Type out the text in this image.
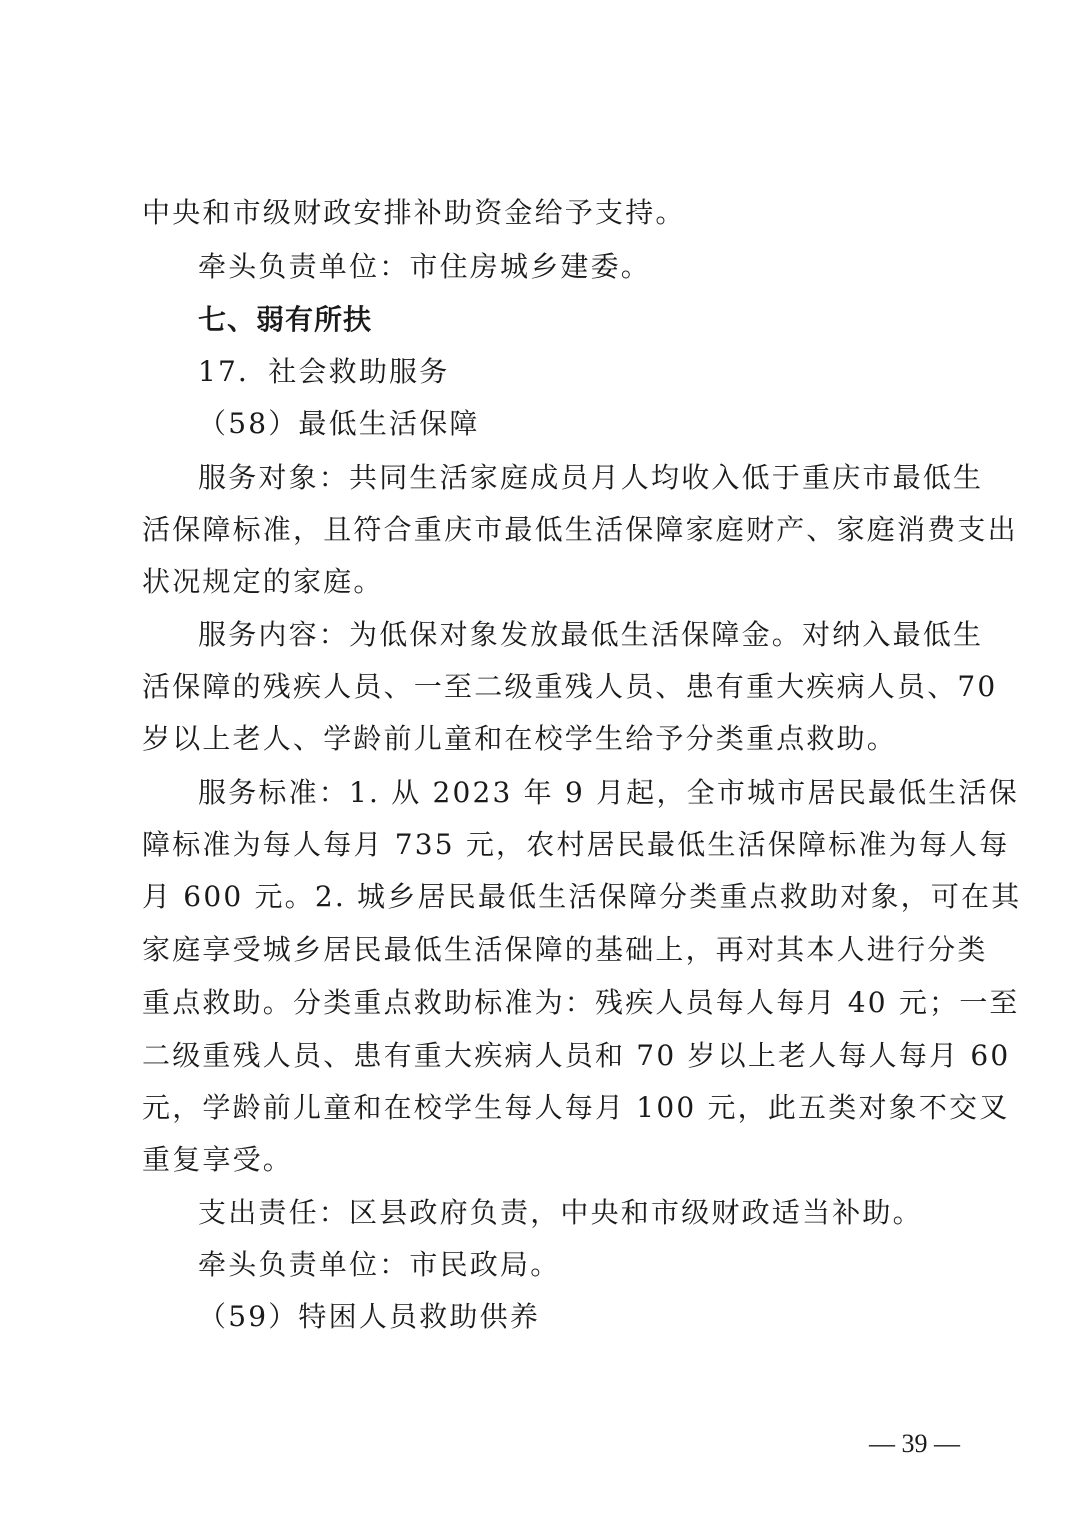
中央和市级财政安排补助资金给予支持。
牵头负责单位：市住房城乡建委。
七、弱有所扶
17．社会救助服务
（58）最低生活保障
服务对象：共同生活家庭成员月人均收入低于重庆市最低生
活保障标准，且符合重庆市最低生活保障家庭财产、家庭消费支出
状况规定的家庭。
服务内容：为低保对象发放最低生活保障金。对纳入最低生
活保障的残疾人员、一至二级重残人员、患有重大疾病人员、70
岁以上老人、学龄前儿童和在校学生给予分类重点救助。
服务标准：1. 从 2023 年 9 月起，全市城市居民最低生活保
障标准为每人每月 735 元，农村居民最低生活保障标准为每人每
月 600 元。2. 城乡居民最低生活保障分类重点救助对象，可在其
家庭享受城乡居民最低生活保障的基础上，再对其本人进行分类
重点救助。分类重点救助标准为：残疾人员每人每月 40 元；一至
二级重残人员、患有重大疾病人员和 70 岁以上老人每人每月 60
元，学龄前儿童和在校学生每人每月 100 元，此五类对象不交叉
重复享受。
支出责任：区县政府负责，中央和市级财政适当补助。
牵头负责单位：市民政局。
（59）特困人员救助供养
— 39 —
